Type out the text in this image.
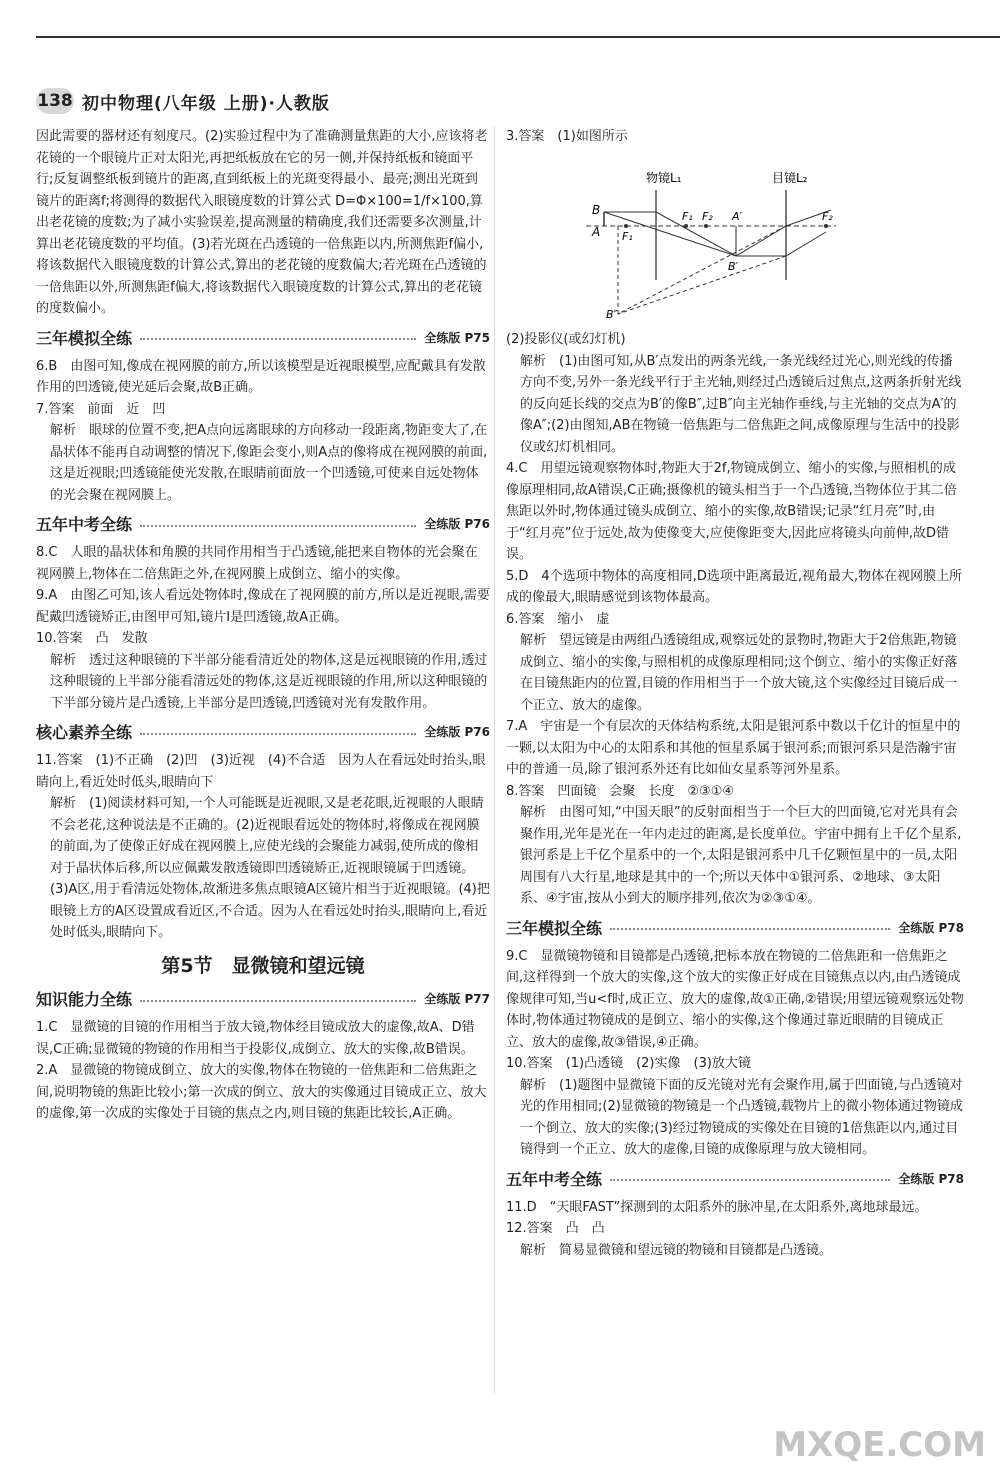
138 初中物理(八年级 上册)·人教版

因此需要的器材还有刻度尺。(2)实验过程中为了准确测量焦距的大小,应该将老花镜的一个眼镜片正对太阳光,再把纸板放在它的另一侧,并保持纸板和镜面平行;反复调整纸板到镜片的距离,直到纸板上的光斑变得最小、最亮;测出光斑到镜片的距离f;将测得的数据代入眼镜度数的计算公式 D=Φ×100=1/f×100,算出老花镜的度数;为了减小实验误差,提高测量的精确度,我们还需要多次测量,计算出老花镜度数的平均值。(3)若光斑在凸透镜的一倍焦距以内,所测焦距f偏小,将该数据代入眼镜度数的计算公式,算出的老花镜的度数偏大;若光斑在凸透镜的一倍焦距以外,所测焦距f偏大,将该数据代入眼镜度数的计算公式,算出的老花镜的度数偏小。

三年模拟全练	全练版 P75

6.B　由图可知,像成在视网膜的前方,所以该模型是近视眼模型,应配戴具有发散作用的凹透镜,使光延后会聚,故B正确。

7.答案　前面　近　凹

解析　眼球的位置不变,把A点向远离眼球的方向移动一段距离,物距变大了,在晶状体不能再自动调整的情况下,像距会变小,则A点的像将成在视网膜的前面,这是近视眼;凹透镜能使光发散,在眼睛前面放一个凹透镜,可使来自远处物体的光会聚在视网膜上。

五年中考全练	全练版 P76

8.C　人眼的晶状体和角膜的共同作用相当于凸透镜,能把来自物体的光会聚在视网膜上,物体在二倍焦距之外,在视网膜上成倒立、缩小的实像。

9.A　由图乙可知,该人看远处物体时,像成在了视网膜的前方,所以是近视眼,需要配戴凹透镜矫正,由图甲可知,镜片Ⅰ是凹透镜,故A正确。

10.答案　凸　发散

解析　透过这种眼镜的下半部分能看清近处的物体,这是远视眼镜的作用,透过这种眼镜的上半部分能看清远处的物体,这是近视眼镜的作用,所以这种眼镜的下半部分镜片是凸透镜,上半部分是凹透镜,凹透镜对光有发散作用。

核心素养全练	全练版 P76

11.答案　(1)不正确　(2)凹　(3)近视　(4)不合适　因为人在看远处时抬头,眼睛向上,看近处时低头,眼睛向下

解析　(1)阅读材料可知,一个人可能既是近视眼,又是老花眼,近视眼的人眼睛不会老花,这种说法是不正确的。(2)近视眼看远处的物体时,将像成在视网膜的前面,为了使像正好成在视网膜上,应使光线的会聚能力减弱,使所成的像相对于晶状体后移,所以应佩戴发散透镜即凹透镜矫正,近视眼镜属于凹透镜。(3)A区,用于看清远处物体,故渐进多焦点眼镜A区镜片相当于近视眼镜。(4)把眼镜上方的A区设置成看近区,不合适。因为人在看远处时抬头,眼睛向上,看近处时低头,眼睛向下。

第5节　显微镜和望远镜
知识能力全练	全练版 P77

1.C　显微镜的目镜的作用相当于放大镜,物体经目镜成放大的虚像,故A、D错误,C正确;显微镜的物镜的作用相当于投影仪,成倒立、放大的实像,故B错误。

2.A　显微镜的物镜成倒立、放大的实像,物体在物镜的一倍焦距和二倍焦距之间,说明物镜的焦距比较小;第一次成的倒立、放大的实像通过目镜成正立、放大的虚像,第一次成的实像处于目镜的焦点之内,则目镜的焦距比较长,A正确。

3.答案　(1)如图所示

物镜L₁	目镜L₂
B
A F₁
F₁ F₂ A′	F₂
B′
B″

(2)投影仪(或幻灯机)

解析　(1)由图可知,从B′点发出的两条光线,一条光线经过光心,则光线的传播方向不变,另外一条光线平行于主光轴,则经过凸透镜后过焦点,这两条折射光线的反向延长线的交点为B′的像B″,过B″向主光轴作垂线,与主光轴的交点为A′的像A″;(2)由图知,AB在物镜一倍焦距与二倍焦距之间,成像原理与生活中的投影仪或幻灯机相同。

4.C　用望远镜观察物体时,物距大于2f,物镜成倒立、缩小的实像,与照相机的成像原理相同,故A错误,C正确;摄像机的镜头相当于一个凸透镜,当物体位于其二倍焦距以外时,物体通过镜头成倒立、缩小的实像,故B错误;记录“红月亮”时,由于“红月亮”位于远处,故为使像变大,应使像距变大,因此应将镜头向前伸,故D错误。

5.D　4个选项中物体的高度相同,D选项中距离最近,视角最大,物体在视网膜上所成的像最大,眼睛感觉到该物体最高。

6.答案　缩小　虚

解析　望远镜是由两组凸透镜组成,观察远处的景物时,物距大于2倍焦距,物镜成倒立、缩小的实像,与照相机的成像原理相同;这个倒立、缩小的实像正好落在目镜焦距内的位置,目镜的作用相当于一个放大镜,这个实像经过目镜后成一个正立、放大的虚像。

7.A　宇宙是一个有层次的天体结构系统,太阳是银河系中数以千亿计的恒星中的一颗,以太阳为中心的太阳系和其他的恒星系属于银河系;而银河系只是浩瀚宇宙中的普通一员,除了银河系外还有比如仙女星系等河外星系。

8.答案　凹面镜　会聚　长度　②③①④

解析　由图可知,“中国天眼”的反射面相当于一个巨大的凹面镜,它对光具有会聚作用,光年是光在一年内走过的距离,是长度单位。宇宙中拥有上千亿个星系,银河系是上千亿个星系中的一个,太阳是银河系中几千亿颗恒星中的一员,太阳周围有八大行星,地球是其中的一个;所以天体中①银河系、②地球、③太阳系、④宇宙,按从小到大的顺序排列,依次为②③①④。

三年模拟全练	全练版 P78

9.C　显微镜物镜和目镜都是凸透镜,把标本放在物镜的二倍焦距和一倍焦距之间,这样得到一个放大的实像,这个放大的实像正好成在目镜焦点以内,由凸透镜成像规律可知,当u<f时,成正立、放大的虚像,故①正确,②错误;用望远镜观察远处物体时,物体通过物镜成的是倒立、缩小的实像,这个像通过靠近眼睛的目镜成正立、放大的虚像,故③错误,④正确。

10.答案　(1)凸透镜　(2)实像　(3)放大镜

解析　(1)题图中显微镜下面的反光镜对光有会聚作用,属于凹面镜,与凸透镜对光的作用相同;(2)显微镜的物镜是一个凸透镜,载物片上的微小物体通过物镜成一个倒立、放大的实像;(3)经过物镜成的实像处在目镜的1倍焦距以内,通过目镜得到一个正立、放大的虚像,目镜的成像原理与放大镜相同。

五年中考全练	全练版 P78

11.D　“天眼FAST”探测到的太阳系外的脉冲星,在太阳系外,离地球最远。

12.答案　凸　凸

解析　简易显微镜和望远镜的物镜和目镜都是凸透镜。

MXQE.COM
